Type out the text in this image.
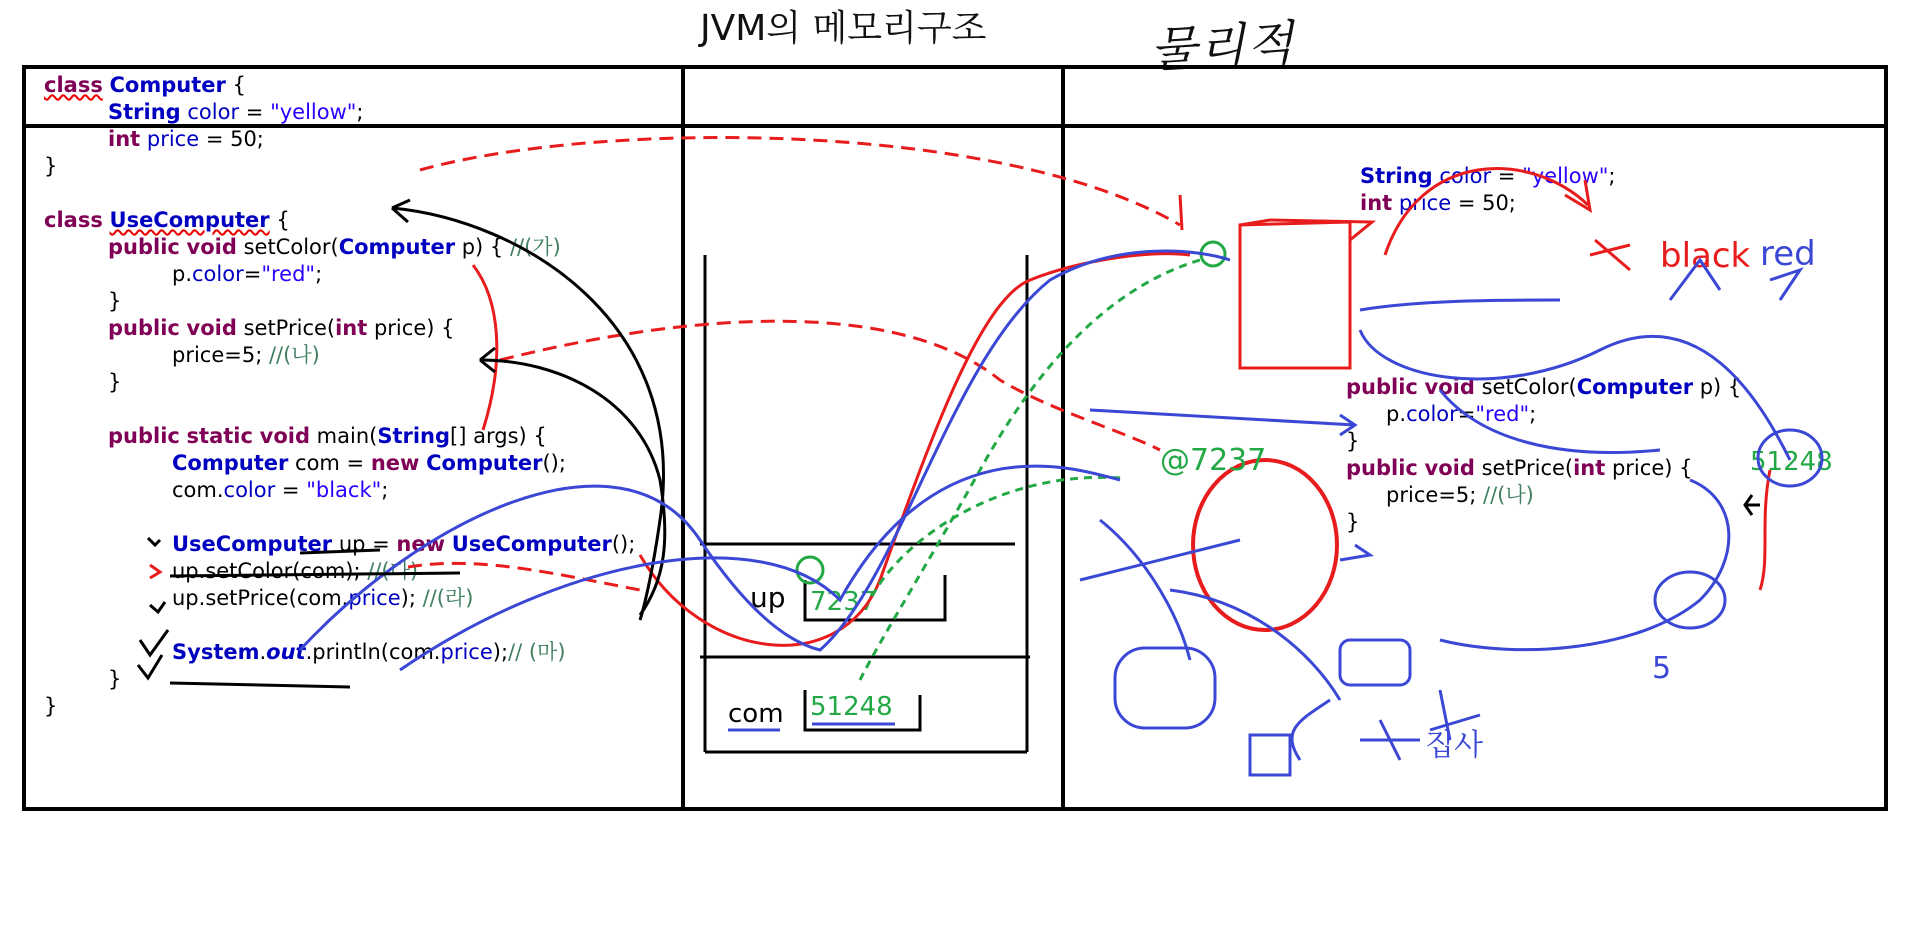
JVM의 메모리구조	물리적
class Computer {
String color = "yellow";
int price = 50;
}
class UseComputer {
public void setColor(Computer p) { //(가)
p.color="red";
}
public void setPrice(int price) {
price=5; //(나)
}
public static void main(String[] args) {
Computer com = new Computer();
com.color = "black";
UseComputer up = new UseComputer();
up.setColor(com); //(다)
up.setPrice(com.price); //(라)
System.out.println(com.price);// (마)
}
}
String color = "yellow";
int price = 50;
public void setColor(Computer p) {
p.color="red";
}
public void setPrice(int price) {
price=5; //(나)
}
up 7237
com 51248
black
@7237	51248
red
5
집사
